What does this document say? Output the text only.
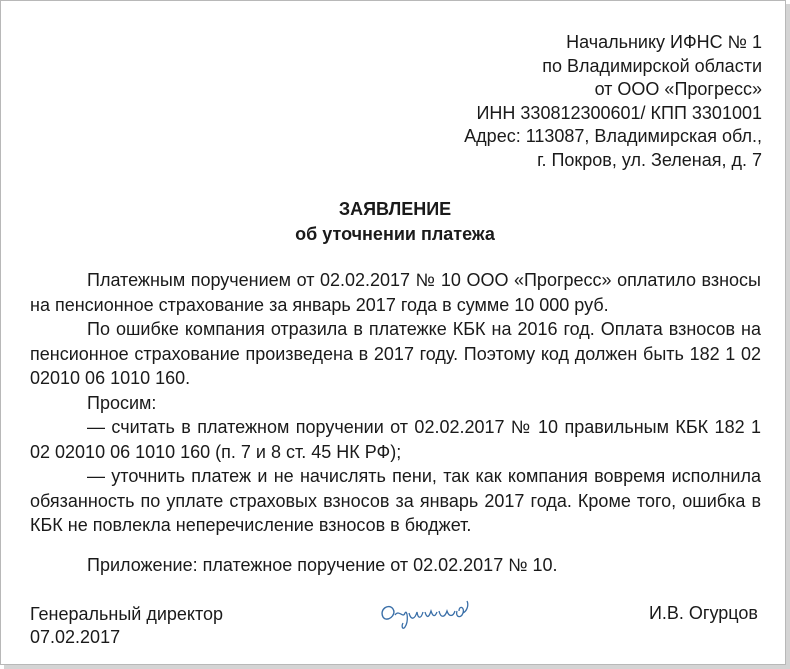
Начальнику ИФНС № 1
по Владимирской области
от ООО «Прогресс»
ИНН 330812300601/ КПП 3301001
Адрес: 113087, Владимирская обл.,
г. Покров, ул. Зеленая, д. 7
ЗАЯВЛЕНИЕ
об уточнении платежа

Платежным поручением от 02.02.2017 № 10 ООО «Прогресс» оплатило взносы на пенсионное страхование за январь 2017 года в сумме 10 000 руб.

По ошибке компания отразила в платежке КБК на 2016 год. Оплата взносов на пенсионное страхование произведена в 2017 году. Поэтому код должен быть 182 1 02 02010 06 1010 160.

Просим:

— считать в платежном поручении от 02.02.2017 № 10 правильным КБК 182 1 02 02010 06 1010 160 (п. 7 и 8 ст. 45 НК РФ);

— уточнить платеж и не начислять пени, так как компания вовремя исполнила обязанность по уплате страховых взносов за январь 2017 года. Кроме того, ошибка в КБК не повлекла неперечисление взносов в бюджет.

Приложение: платежное поручение от 02.02.2017 № 10.
Генеральный директор
07.02.2017
И.В. Огурцов
